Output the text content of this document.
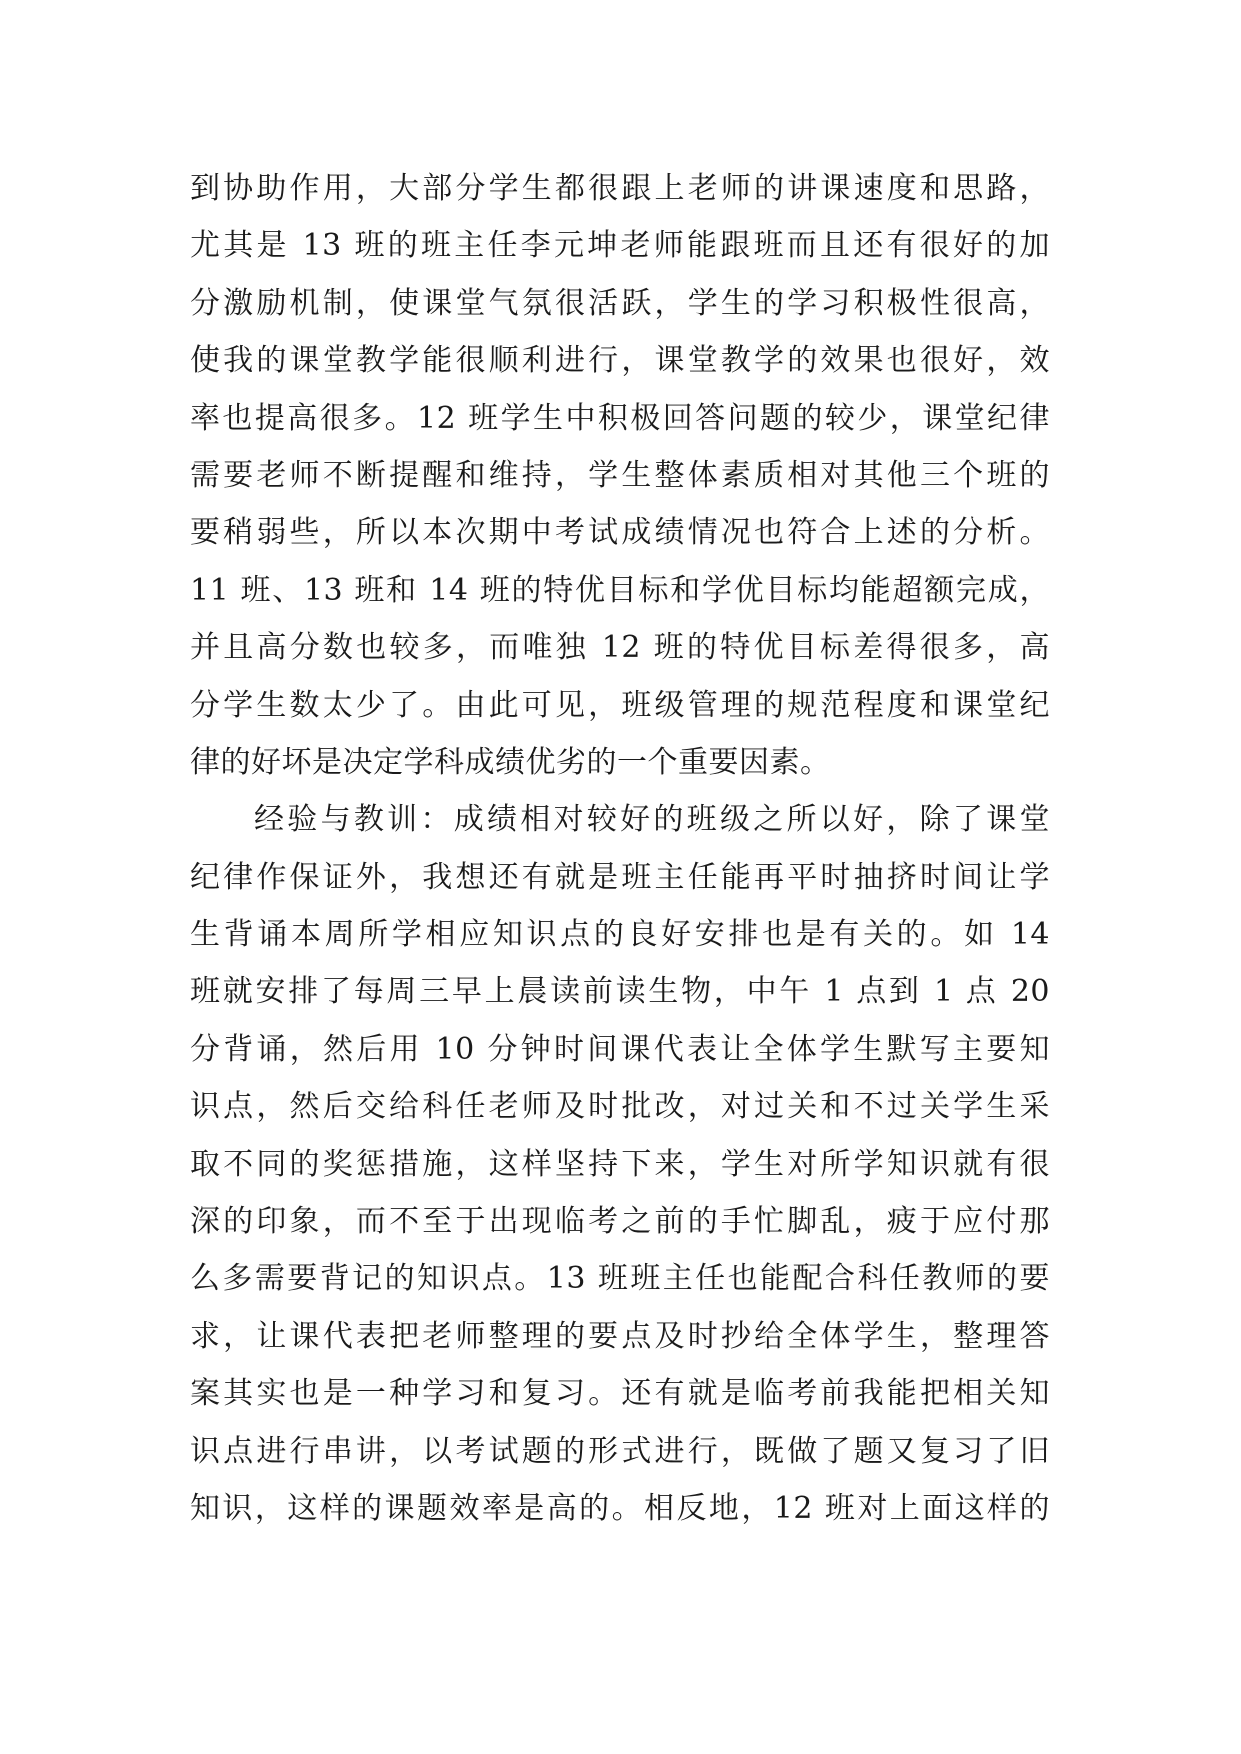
到协助作用，大部分学生都很跟上老师的讲课速度和思路，
尤其是 13 班的班主任李元坤老师能跟班而且还有很好的加
分激励机制，使课堂气氛很活跃，学生的学习积极性很高，
使我的课堂教学能很顺利进行，课堂教学的效果也很好，效
率也提高很多。12 班学生中积极回答问题的较少，课堂纪律
需要老师不断提醒和维持，学生整体素质相对其他三个班的
要稍弱些，所以本次期中考试成绩情况也符合上述的分析。
11 班、13 班和 14 班的特优目标和学优目标均能超额完成，
并且高分数也较多，而唯独 12 班的特优目标差得很多，高
分学生数太少了。由此可见，班级管理的规范程度和课堂纪
律的好坏是决定学科成绩优劣的一个重要因素。
经验与教训：成绩相对较好的班级之所以好，除了课堂
纪律作保证外，我想还有就是班主任能再平时抽挤时间让学
生背诵本周所学相应知识点的良好安排也是有关的。如 14
班就安排了每周三早上晨读前读生物，中午 1 点到 1 点 20
分背诵，然后用 10 分钟时间课代表让全体学生默写主要知
识点，然后交给科任老师及时批改，对过关和不过关学生采
取不同的奖惩措施，这样坚持下来，学生对所学知识就有很
深的印象，而不至于出现临考之前的手忙脚乱，疲于应付那
么多需要背记的知识点。13 班班主任也能配合科任教师的要
求，让课代表把老师整理的要点及时抄给全体学生，整理答
案其实也是一种学习和复习。还有就是临考前我能把相关知
识点进行串讲，以考试题的形式进行，既做了题又复习了旧
知识，这样的课题效率是高的。相反地，12 班对上面这样的
